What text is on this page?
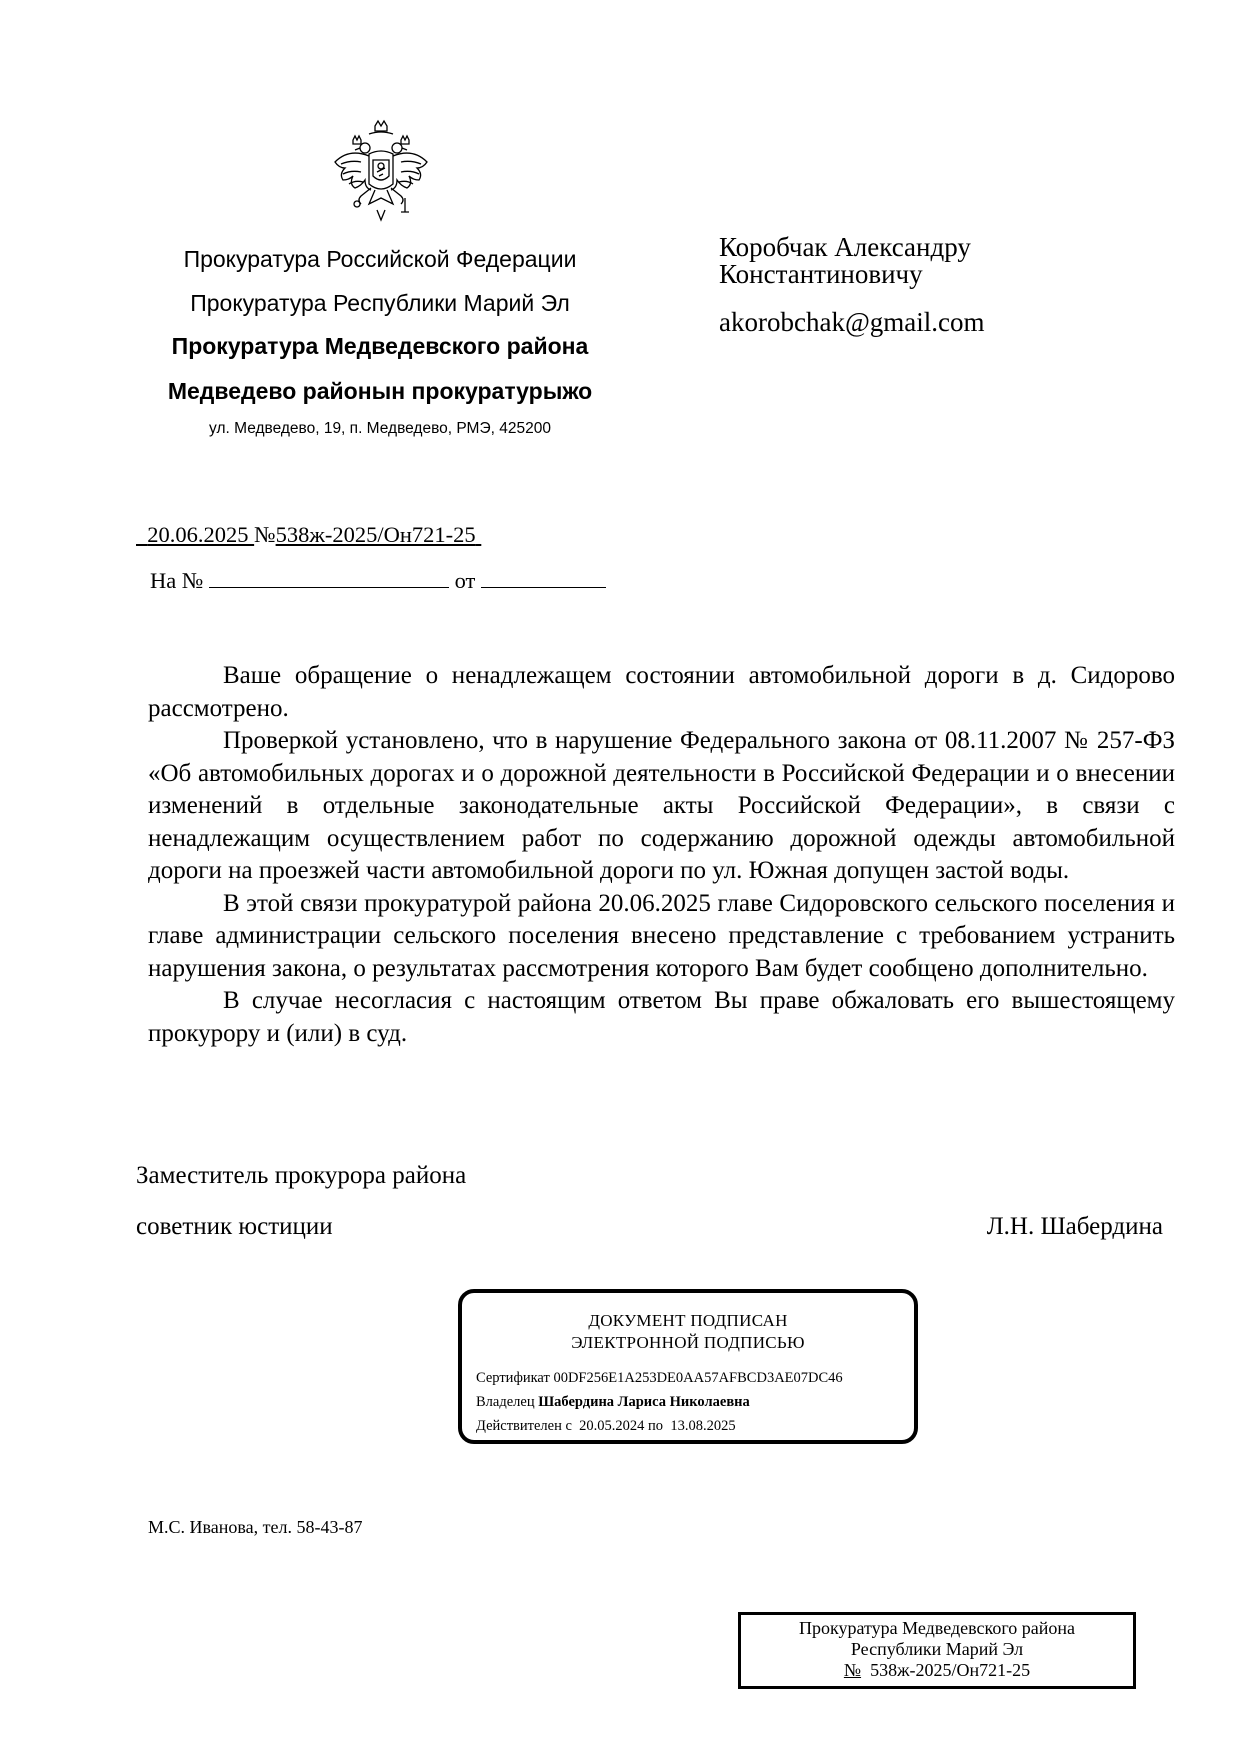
Прокуратура Российской Федерации
Прокуратура Республики Марий Эл
Прокуратура Медведевского района
Медведево районын прокуратурыжо
ул. Медведево, 19, п. Медведево, РМЭ, 425200
Коробчак Александру
Константиновичу
akorobchak@gmail.com
20.06.2025 №538ж-2025/Он721-25
На №	от

Ваше обращение о ненадлежащем состоянии автомобильной дороги в д. Сидорово рассмотрено.

Проверкой установлено, что в нарушение Федерального закона от 08.11.2007 № 257-ФЗ «Об автомобильных дорогах и о дорожной деятельности в Российской Федерации и о внесении изменений в отдельные законодательные акты Российской Федерации», в связи с ненадлежащим осуществлением работ по содержанию дорожной одежды автомобильной дороги на проезжей части автомобильной дороги по ул. Южная допущен застой воды.

В этой связи прокуратурой района 20.06.2025 главе Сидоровского сельского поселения и главе администрации сельского поселения внесено представление с требованием устранить нарушения закона, о результатах рассмотрения которого Вам будет сообщено дополнительно.

В случае несогласия с настоящим ответом Вы праве обжаловать его вышестоящему прокурору и (или) в суд.

Заместитель прокурора района
советник юстиции	Л.Н. Шабердина
ДОКУМЕНТ ПОДПИСАН
ЭЛЕКТРОННОЙ ПОДПИСЬЮ
Сертификат 00DF256E1A253DE0AA57AFBCD3AE07DC46
Владелец Шабердина Лариса Николаевна
Действителен с 20.05.2024 по 13.08.2025
М.С. Иванова, тел. 58-43-87
Прокуратура Медведевского района
Республики Марий Эл
№ 538ж-2025/Он721-25
